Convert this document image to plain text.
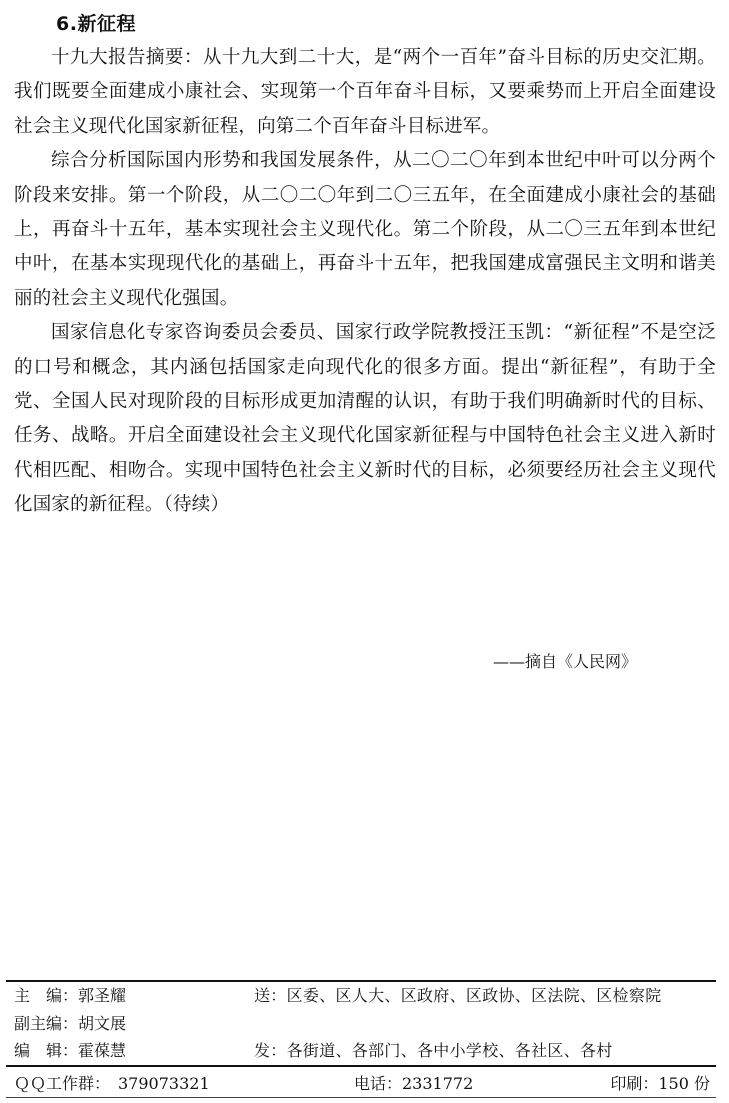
6.新征程

十九大报告摘要：从十九大到二十大，是“两个一百年”奋斗目标的历史交汇期。我们既要全面建成小康社会、实现第一个百年奋斗目标，又要乘势而上开启全面建设社会主义现代化国家新征程，向第二个百年奋斗目标进军。

综合分析国际国内形势和我国发展条件，从二〇二〇年到本世纪中叶可以分两个阶段来安排。第一个阶段，从二〇二〇年到二〇三五年，在全面建成小康社会的基础上，再奋斗十五年，基本实现社会主义现代化。第二个阶段，从二〇三五年到本世纪中叶，在基本实现现代化的基础上，再奋斗十五年，把我国建成富强民主文明和谐美丽的社会主义现代化强国。

国家信息化专家咨询委员会委员、国家行政学院教授汪玉凯：“新征程”不是空泛的口号和概念，其内涵包括国家走向现代化的很多方面。提出“新征程”，有助于全党、全国人民对现阶段的目标形成更加清醒的认识，有助于我们明确新时代的目标、任务、战略。开启全面建设社会主义现代化国家新征程与中国特色社会主义进入新时代相匹配、相吻合。实现中国特色社会主义新时代的目标，必须要经历社会主义现代化国家的新征程。（待续）

——摘自《人民网》
主　编：郭圣耀	送：区委、区人大、区政府、区政协、区法院、区检察院
副主编：胡文展
编　辑：霍葆慧	发：各街道、各部门、各中小学校、各社区、各村
ＱＱ工作群：　379073321	电话：2331772	印刷：150 份
